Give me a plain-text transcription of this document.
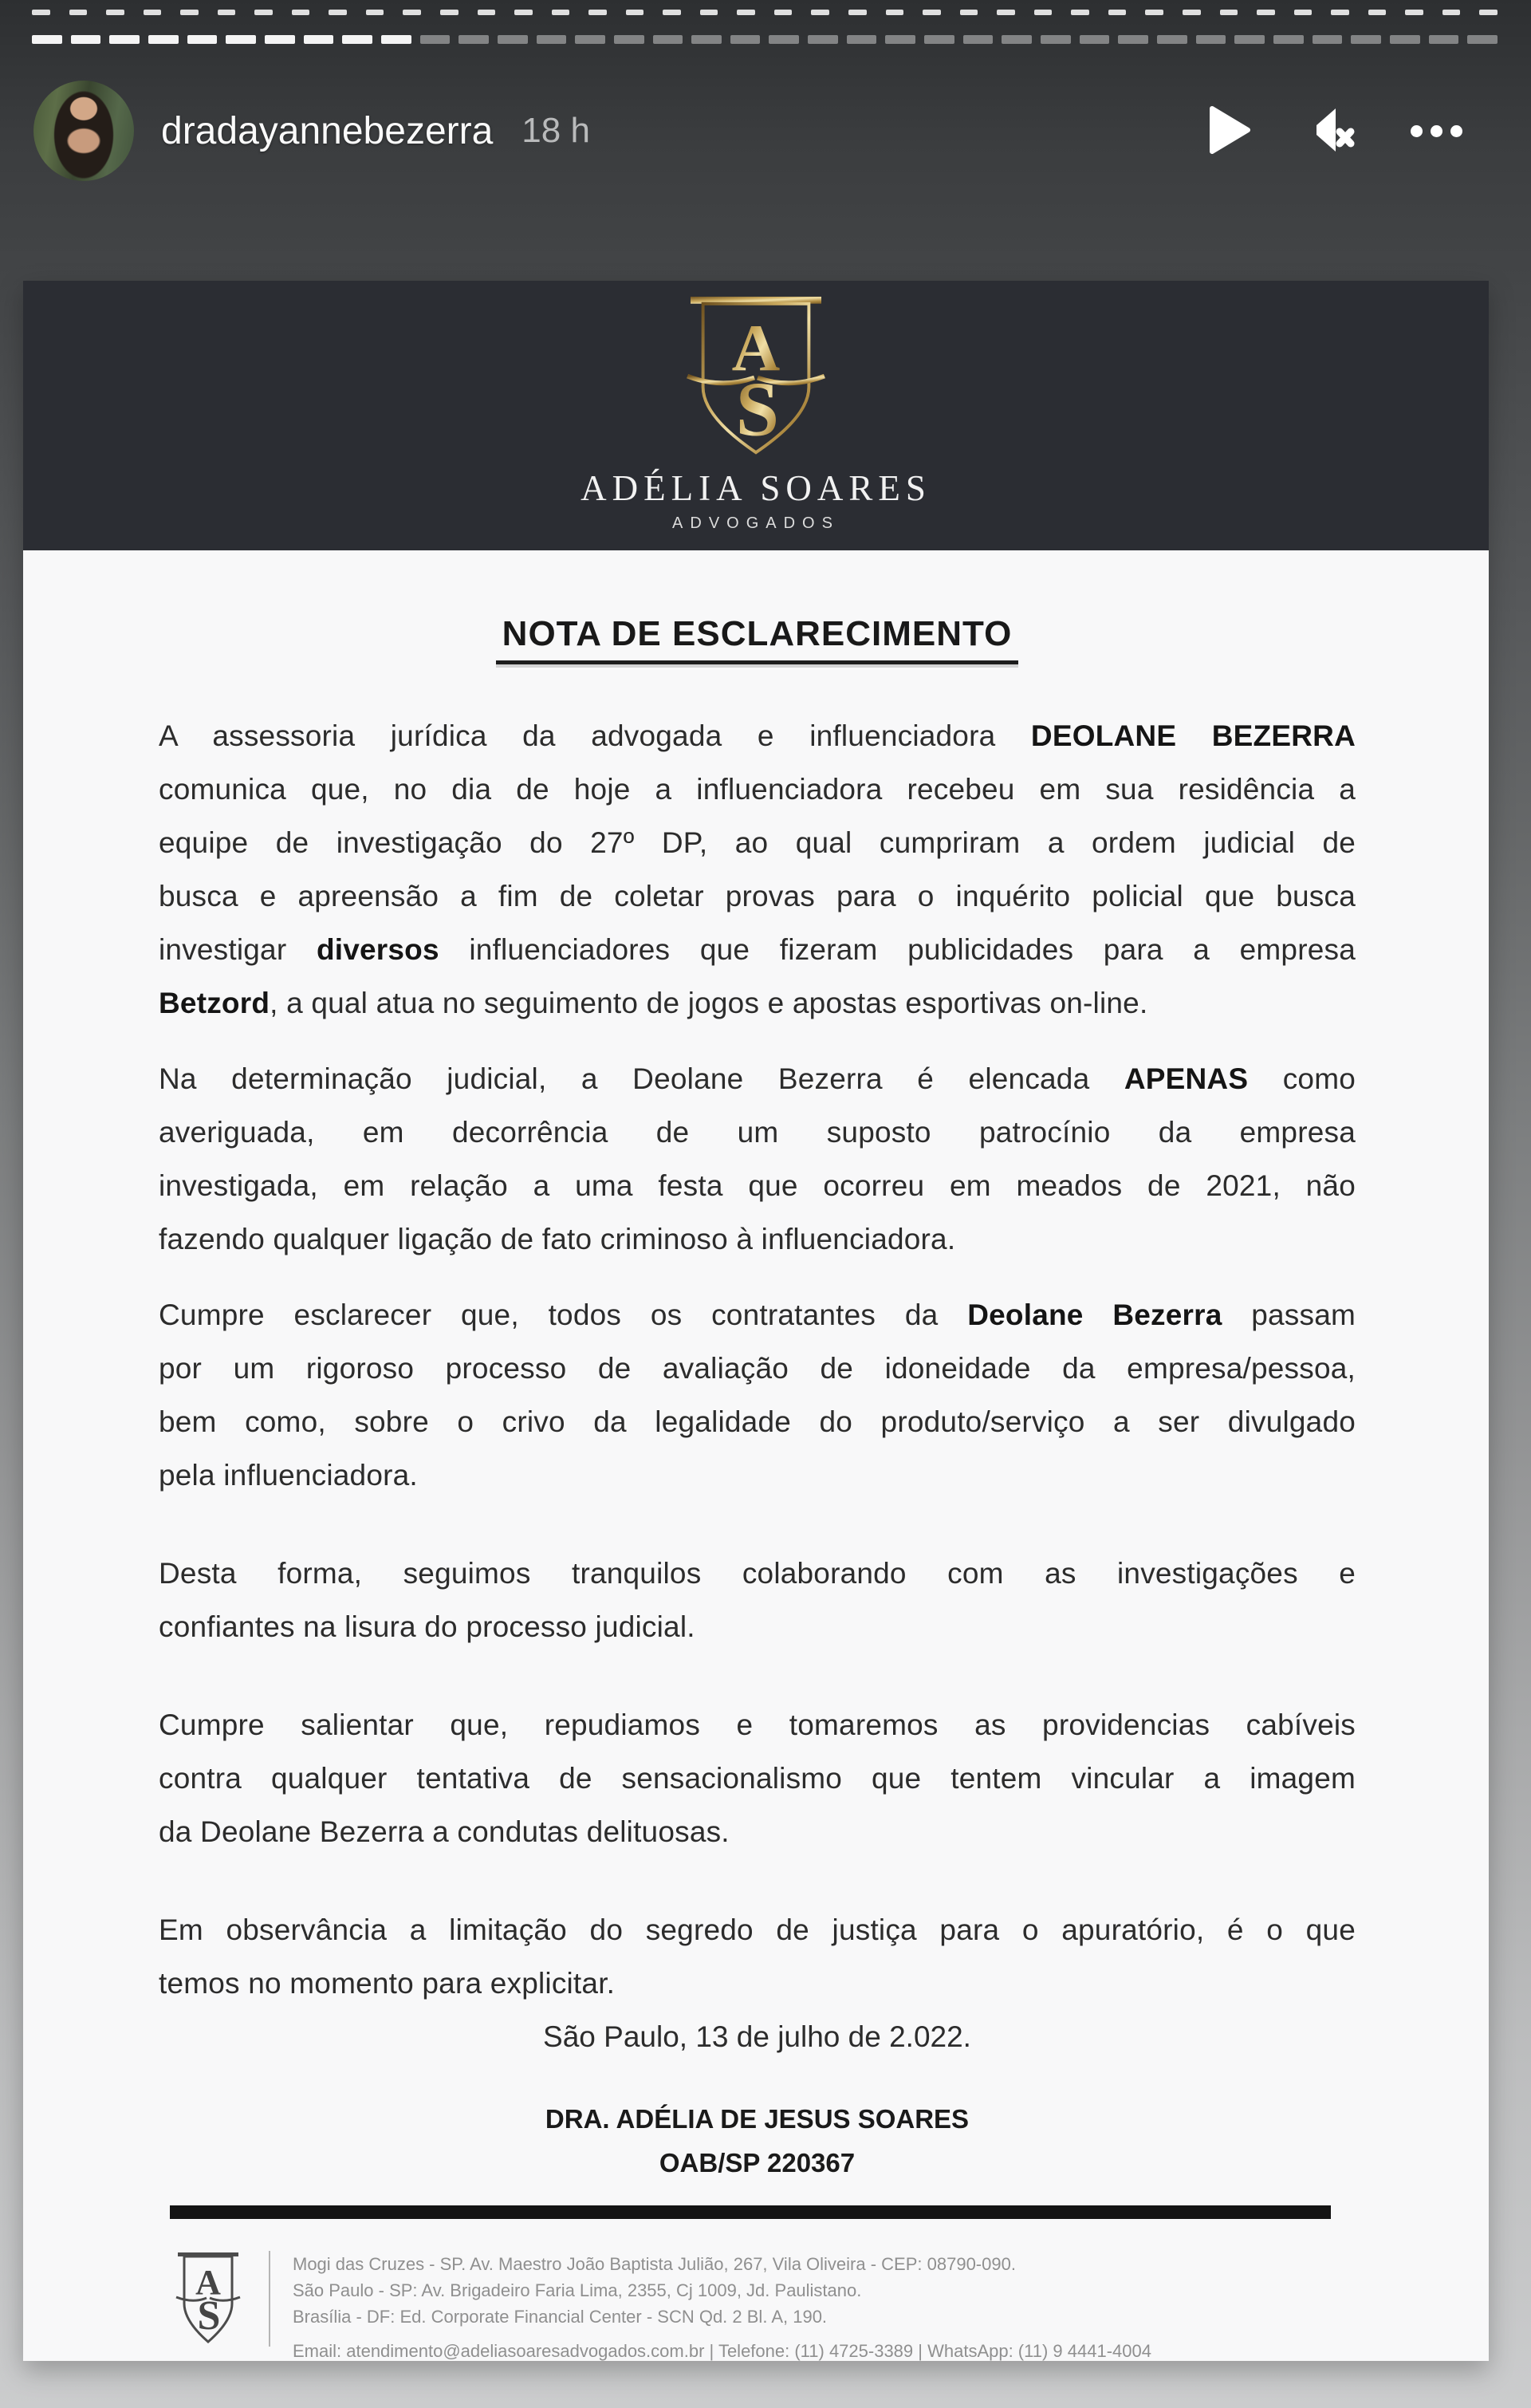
dradayannebezerra 18 h
A
S
ADÉLIA SOARES
ADVOGADOS
NOTA DE ESCLARECIMENTO
A assessoria jurídica da advogada e influenciadora DEOLANE BEZERRA
comunica que, no dia de hoje a influenciadora recebeu em sua residência a
equipe de investigação do 27º DP, ao qual cumpriram a ordem judicial de
busca e apreensão a fim de coletar provas para o inquérito policial que busca
investigar diversos influenciadores que fizeram publicidades para a empresa
Betzord, a qual atua no seguimento de jogos e apostas esportivas on-line.
Na determinação judicial, a Deolane Bezerra é elencada APENAS como
averiguada, em decorrência de um suposto patrocínio da empresa
investigada, em relação a uma festa que ocorreu em meados de 2021, não
fazendo qualquer ligação de fato criminoso à influenciadora.
Cumpre esclarecer que, todos os contratantes da Deolane Bezerra passam
por um rigoroso processo de avaliação de idoneidade da empresa/pessoa,
bem como, sobre o crivo da legalidade do produto/serviço a ser divulgado
pela influenciadora.
Desta forma, seguimos tranquilos colaborando com as investigações e
confiantes na lisura do processo judicial.
Cumpre salientar que, repudiamos e tomaremos as providencias cabíveis
contra qualquer tentativa de sensacionalismo que tentem vincular a imagem
da Deolane Bezerra a condutas delituosas.
Em observância a limitação do segredo de justiça para o apuratório, é o que
temos no momento para explicitar.
São Paulo, 13 de julho de 2.022.
DRA. ADÉLIA DE JESUS SOARES
OAB/SP 220367
A
S
Mogi das Cruzes - SP. Av. Maestro João Baptista Julião, 267, Vila Oliveira - CEP: 08790-090.
São Paulo - SP: Av. Brigadeiro Faria Lima, 2355, Cj 1009, Jd. Paulistano.
Brasília - DF: Ed. Corporate Financial Center - SCN Qd. 2 Bl. A, 190.
Email: atendimento@adeliasoaresadvogados.com.br | Telefone: (11) 4725-3389 | WhatsApp: (11) 9 4441-4004
